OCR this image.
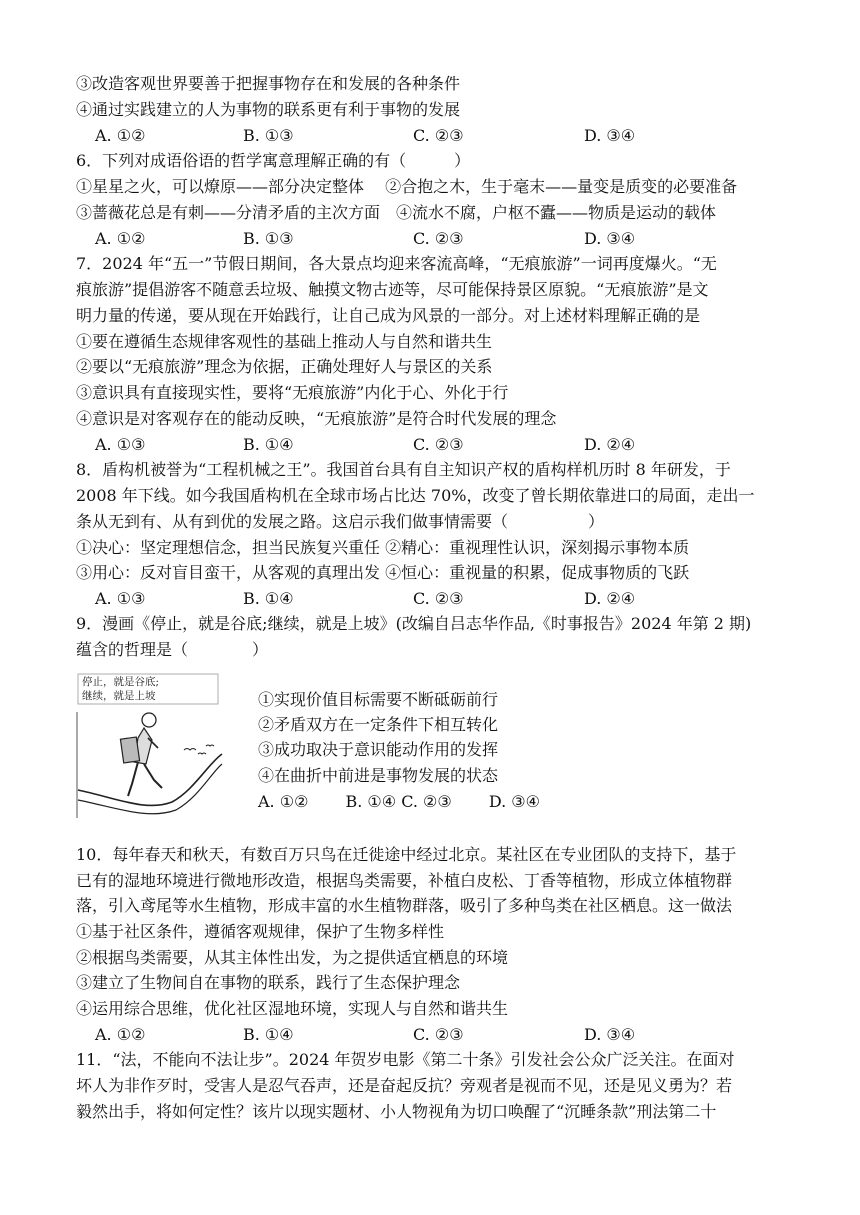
③改造客观世界要善于把握事物存在和发展的各种条件
④通过实践建立的人为事物的联系更有利于事物的发展
A. ①②	B. ①③	C. ②③	D. ③④
6．下列对成语俗语的哲学寓意理解正确的有（　　　）
①星星之火，可以燎原——部分决定整体　 ②合抱之木，生于毫末——量变是质变的必要准备
③蔷薇花总是有刺——分清矛盾的主次方面　④流水不腐，户枢不蠹——物质是运动的载体
A. ①②	B. ①③	C. ②③	D. ③④
7．2024 年“五一”节假日期间，各大景点均迎来客流高峰，“无痕旅游”一词再度爆火。“无
痕旅游”提倡游客不随意丢垃圾、触摸文物古迹等，尽可能保持景区原貌。“无痕旅游”是文
明力量的传递，要从现在开始践行，让自己成为风景的一部分。对上述材料理解正确的是
①要在遵循生态规律客观性的基础上推动人与自然和谐共生
②要以“无痕旅游”理念为依据，正确处理好人与景区的关系
③意识具有直接现实性，要将“无痕旅游”内化于心、外化于行
④意识是对客观存在的能动反映，“无痕旅游”是符合时代发展的理念
A. ①③	B. ①④	C. ②③	D. ②④
8．盾构机被誉为“工程机械之王”。我国首台具有自主知识产权的盾构样机历时 8 年研发，于
2008 年下线。如今我国盾构机在全球市场占比达 70%，改变了曾长期依靠进口的局面，走出一
条从无到有、从有到优的发展之路。这启示我们做事情需要（　　　　　）
①决心：坚定理想信念，担当民族复兴重任 ②精心：重视理性认识，深刻揭示事物本质
③用心：反对盲目蛮干，从客观的真理出发 ④恒心：重视量的积累，促成事物质的飞跃
A. ①③	B. ①④	C. ②③	D. ②④
9．漫画《停止，就是谷底;继续，就是上坡》(改编自吕志华作品,《时事报告》2024 年第 2 期)
蕴含的哲理是（　　　　）
停止，就是谷底;
继续，就是上坡	①实现价值目标需要不断砥砺前行
②矛盾双方在一定条件下相互转化
③成功取决于意识能动作用的发挥
④在曲折中前进是事物发展的状态
A. ①②　　 B. ①④ C. ②③　　 D. ③④
10．每年春天和秋天，有数百万只鸟在迁徙途中经过北京。某社区在专业团队的支持下，基于
已有的湿地环境进行微地形改造，根据鸟类需要，补植白皮松、丁香等植物，形成立体植物群
落，引入鸢尾等水生植物，形成丰富的水生植物群落，吸引了多种鸟类在社区栖息。这一做法
①基于社区条件，遵循客观规律，保护了生物多样性
②根据鸟类需要，从其主体性出发，为之提供适宜栖息的环境
③建立了生物间自在事物的联系，践行了生态保护理念
④运用综合思维，优化社区湿地环境，实现人与自然和谐共生
A. ①②	B. ①④	C. ②③	D. ③④
11．“法，不能向不法让步”。2024 年贺岁电影《第二十条》引发社会公众广泛关注。在面对
坏人为非作歹时，受害人是忍气吞声，还是奋起反抗？旁观者是视而不见，还是见义勇为？若
毅然出手，将如何定性？该片以现实题材、小人物视角为切口唤醒了“沉睡条款”刑法第二十
